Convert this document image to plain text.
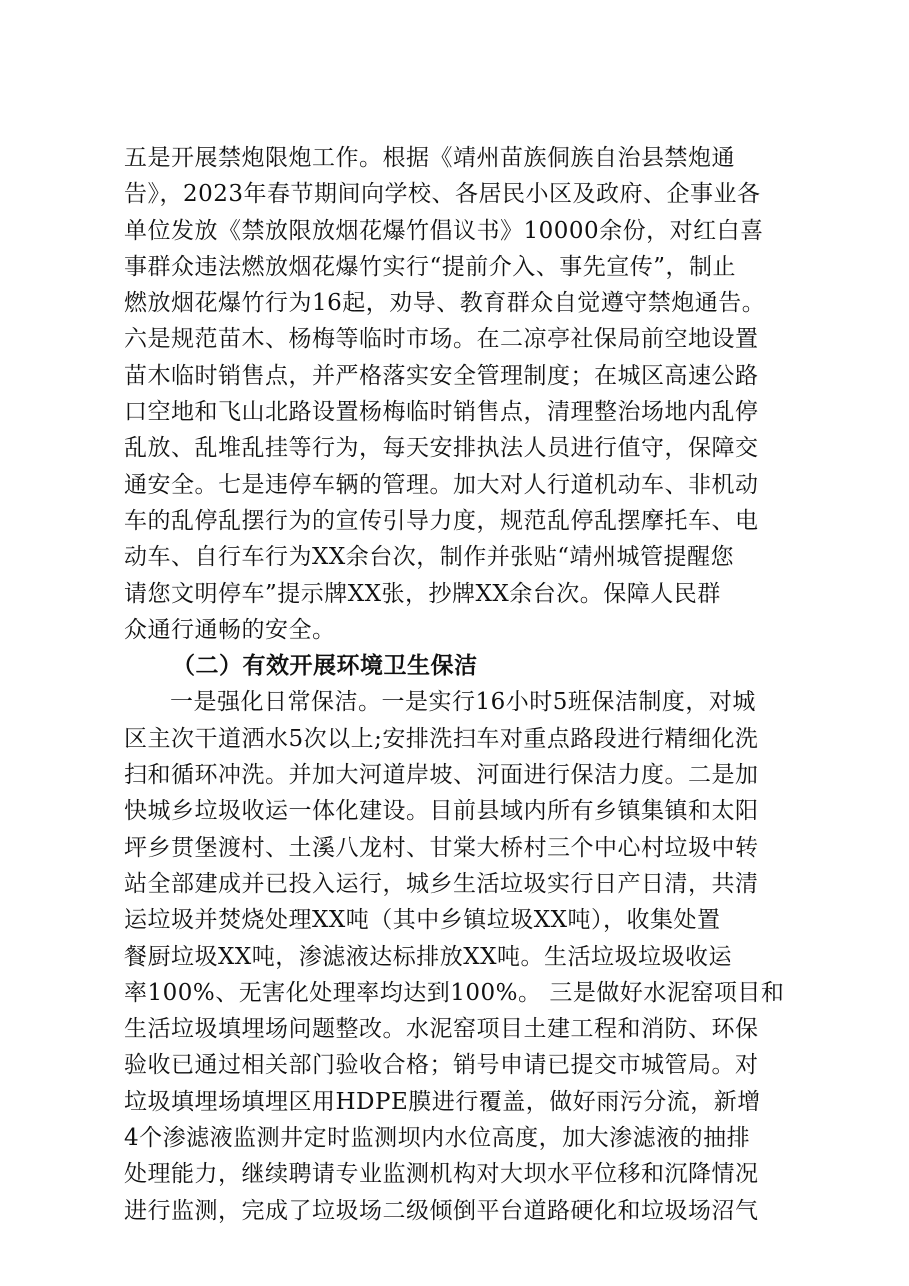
五是开展禁炮限炮工作。根据《靖州苗族侗族自治县禁炮通
告》，2023年春节期间向学校、各居民小区及政府、企事业各
单位发放《禁放限放烟花爆竹倡议书》10000余份，对红白喜
事群众违法燃放烟花爆竹实行“提前介入、事先宣传”，制止
燃放烟花爆竹行为16起，劝导、教育群众自觉遵守禁炮通告。
六是规范苗木、杨梅等临时市场。在二凉亭社保局前空地设置
苗木临时销售点，并严格落实安全管理制度；在城区高速公路
口空地和飞山北路设置杨梅临时销售点，清理整治场地内乱停
乱放、乱堆乱挂等行为，每天安排执法人员进行值守，保障交
通安全。七是违停车辆的管理。加大对人行道机动车、非机动
车的乱停乱摆行为的宣传引导力度，规范乱停乱摆摩托车、电
动车、自行车行为XX余台次，制作并张贴“靖州城管提醒您
请您文明停车”提示牌XX张，抄牌XX余台次。保障人民群
众通行通畅的安全。
（二）有效开展环境卫生保洁
一是强化日常保洁。一是实行16小时5班保洁制度，对城
区主次干道洒水5次以上;安排洗扫车对重点路段进行精细化洗
扫和循环冲洗。并加大河道岸坡、河面进行保洁力度。二是加
快城乡垃圾收运一体化建设。目前县域内所有乡镇集镇和太阳
坪乡贯堡渡村、土溪八龙村、甘棠大桥村三个中心村垃圾中转
站全部建成并已投入运行，城乡生活垃圾实行日产日清，共清
运垃圾并焚烧处理XX吨（其中乡镇垃圾XX吨），收集处置
餐厨垃圾XX吨，渗滤液达标排放XX吨。生活垃圾垃圾收运
率100%、无害化处理率均达到100%。 三是做好水泥窑项目和
生活垃圾填埋场问题整改。水泥窑项目土建工程和消防、环保
验收已通过相关部门验收合格；销号申请已提交市城管局。对
垃圾填埋场填埋区用HDPE膜进行覆盖，做好雨污分流，新增
4个渗滤液监测井定时监测坝内水位高度，加大渗滤液的抽排
处理能力，继续聘请专业监测机构对大坝水平位移和沉降情况
进行监测，完成了垃圾场二级倾倒平台道路硬化和垃圾场沼气
